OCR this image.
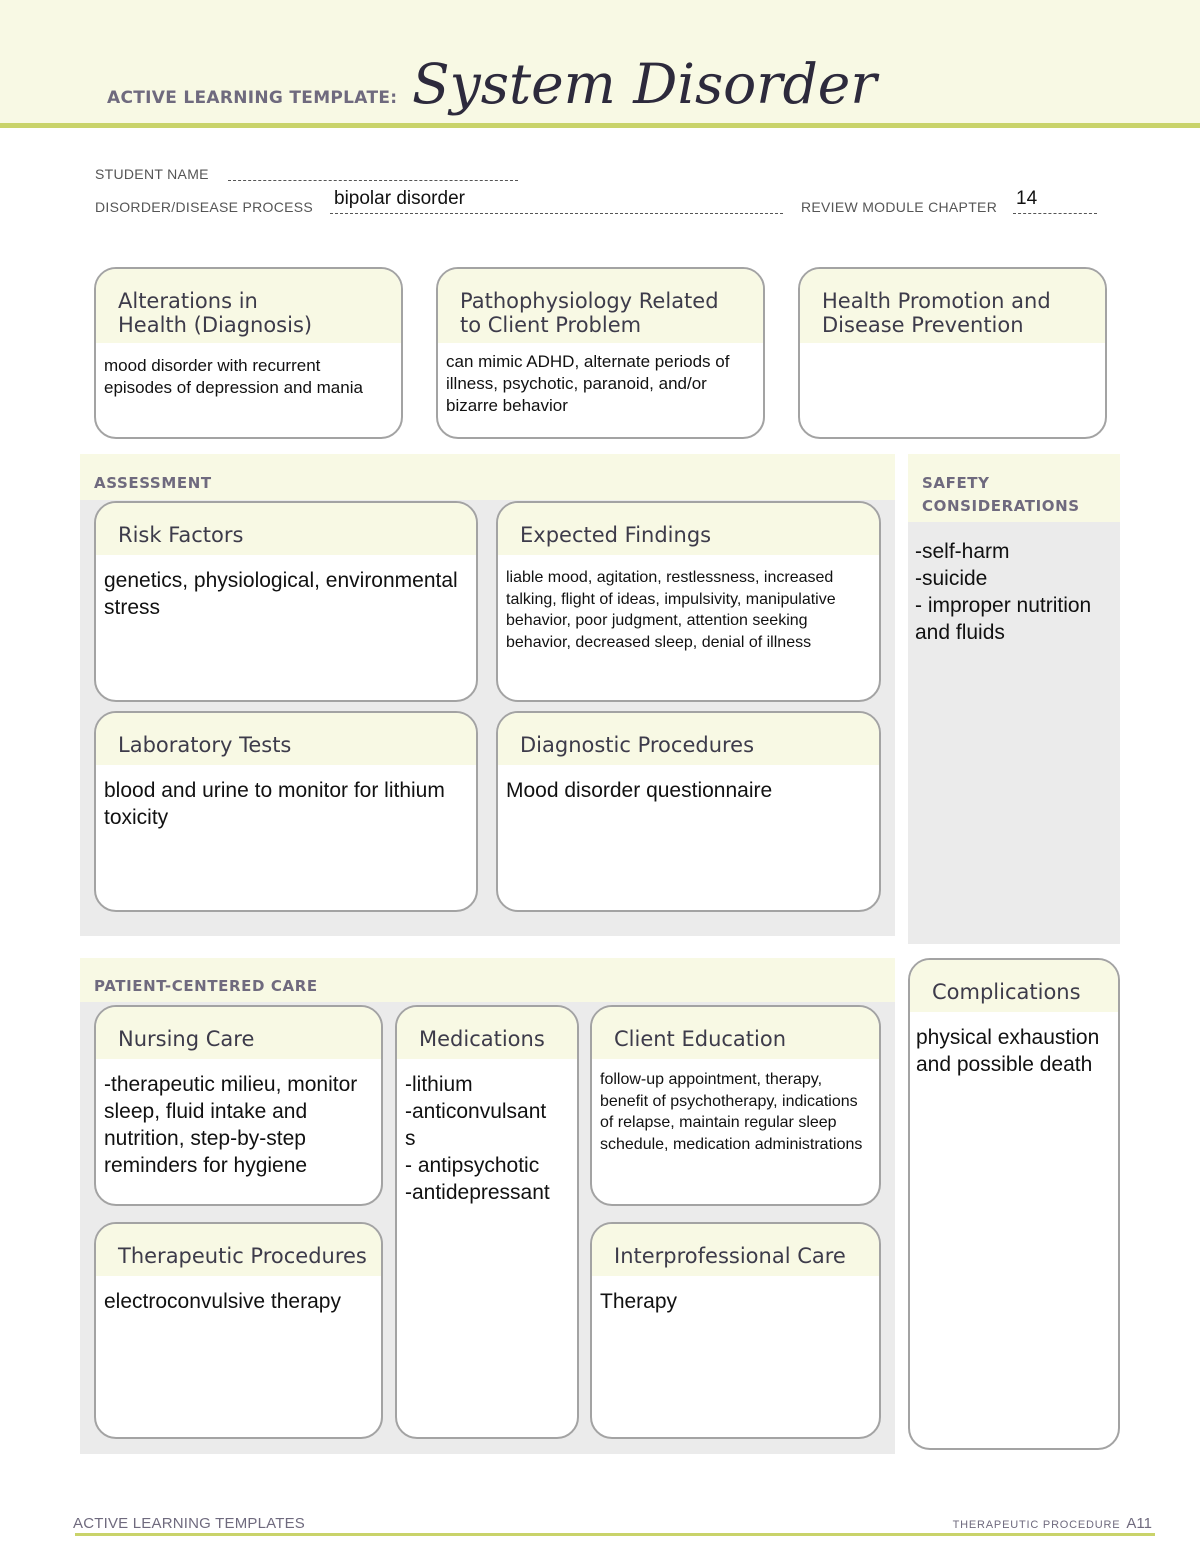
ACTIVE LEARNING TEMPLATE: System Disorder
STUDENT NAME
DISORDER/DISEASE PROCESS bipolar disorder	REVIEW MODULE CHAPTER 14
Alterations in
Health (Diagnosis)
mood disorder with recurrent episodes of depression and mania
Pathophysiology Related
to Client Problem
can mimic ADHD, alternate periods of illness, psychotic, paranoid, and/or bizarre behavior
Health Promotion and
Disease Prevention
ASSESSMENT
Risk Factors
genetics, physiological, environmental stress
Expected Findings
liable mood, agitation, restlessness, increased talking, flight of ideas, impulsivity, manipulative behavior, poor judgment, attention seeking behavior, decreased sleep, denial of illness
Laboratory Tests
blood and urine to monitor for lithium toxicity
Diagnostic Procedures
Mood disorder questionnaire
SAFETY
CONSIDERATIONS
-self-harm
-suicide
- improper nutrition and fluids
PATIENT-CENTERED CARE
Nursing Care
-therapeutic milieu, monitor sleep, fluid intake and nutrition, step-by-step reminders for hygiene
Medications
-lithium
-anticonvulsant
s
- antipsychotic
-antidepressant
Client Education
follow-up appointment, therapy, benefit of psychotherapy, indications of relapse, maintain regular sleep schedule, medication administrations
Therapeutic Procedures
electroconvulsive therapy
Interprofessional Care
Therapy
Complications
physical exhaustion and possible death
ACTIVE LEARNING TEMPLATES	THERAPEUTIC PROCEDURE A11
